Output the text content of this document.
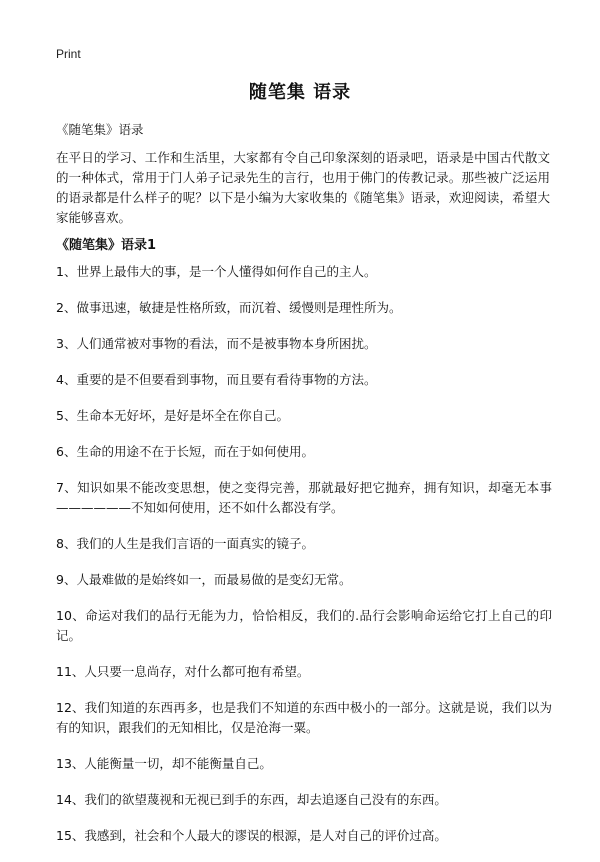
Print
随笔集 语录
《随笔集》语录

在平日的学习、工作和生活里，大家都有令自己印象深刻的语录吧，语录是中国古代散文的一种体式，常用于门人弟子记录先生的言行，也用于佛门的传教记录。那些被广泛运用的语录都是什么样子的呢？以下是小编为大家收集的《随笔集》语录，欢迎阅读，希望大家能够喜欢。

《随笔集》语录1
1、世界上最伟大的事，是一个人懂得如何作自己的主人。
2、做事迅速，敏捷是性格所致，而沉着、缓慢则是理性所为。
3、人们通常被对事物的看法，而不是被事物本身所困扰。
4、重要的是不但要看到事物，而且要有看待事物的方法。
5、生命本无好坏，是好是坏全在你自己。
6、生命的用途不在于长短，而在于如何使用。
7、知识如果不能改变思想，使之变得完善，那就最好把它抛弃，拥有知识，却毫无本事——————不知如何使用，还不如什么都没有学。
8、我们的人生是我们言语的一面真实的镜子。
9、人最难做的是始终如一，而最易做的是变幻无常。
10、命运对我们的品行无能为力，恰恰相反，我们的.品行会影响命运给它打上自己的印记。
11、人只要一息尚存，对什么都可抱有希望。
12、我们知道的东西再多，也是我们不知道的东西中极小的一部分。这就是说，我们以为有的知识，跟我们的无知相比，仅是沧海一粟。
13、人能衡量一切，却不能衡量自己。
14、我们的欲望蔑视和无视已到手的东西，却去追逐自己没有的东西。
15、我感到，社会和个人最大的谬误的根源，是人对自己的评价过高。
